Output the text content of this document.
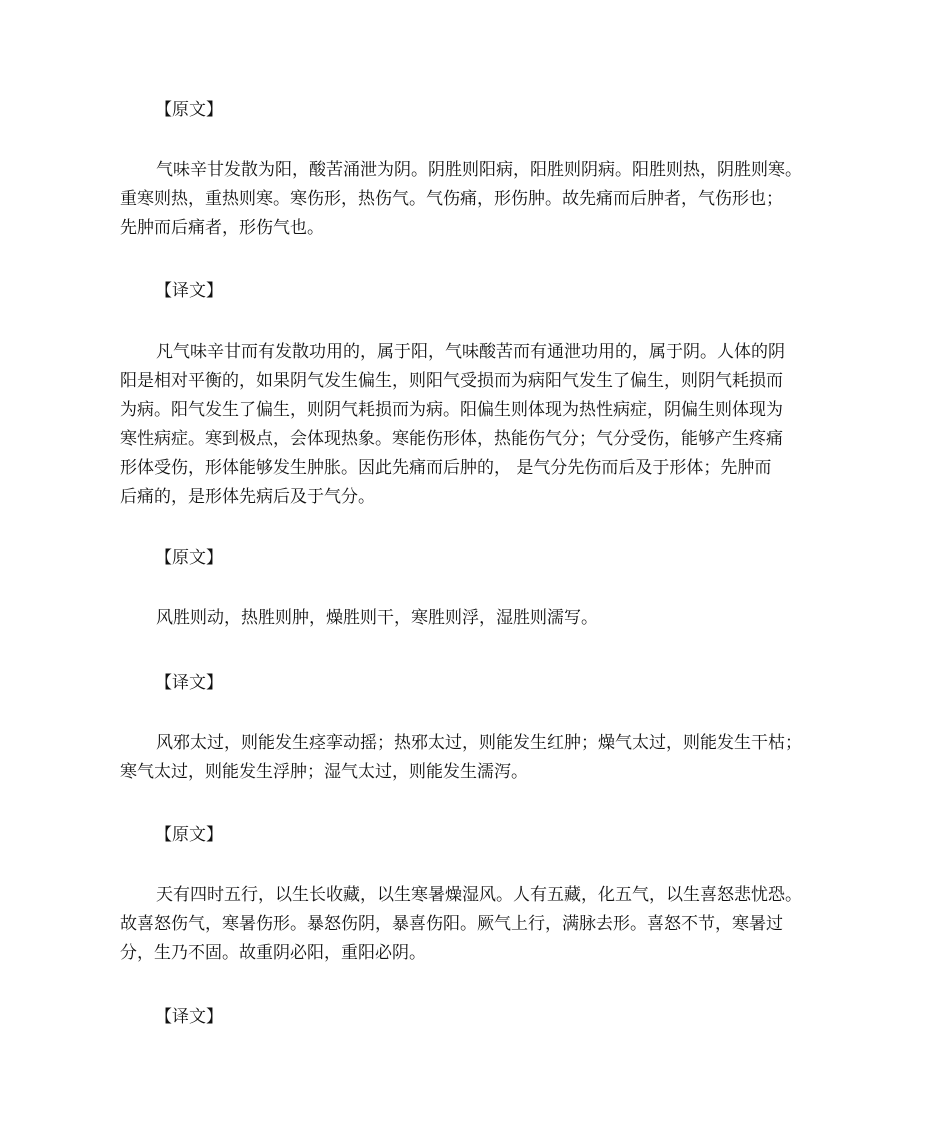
【原文】
气味辛甘发散为阳，酸苦涌泄为阴。阴胜则阳病，阳胜则阴病。阳胜则热，阴胜则寒。
重寒则热，重热则寒。寒伤形，热伤气。气伤痛，形伤肿。故先痛而后肿者，气伤形也；
先肿而后痛者，形伤气也。
【译文】
凡气味辛甘而有发散功用的，属于阳，气味酸苦而有通泄功用的，属于阴。人体的阴
阳是相对平衡的，如果阴气发生偏生，则阳气受损而为病阳气发生了偏生，则阴气耗损而
为病。阳气发生了偏生，则阴气耗损而为病。阳偏生则体现为热性病症，阴偏生则体现为
寒性病症。寒到极点，会体现热象。寒能伤形体，热能伤气分；气分受伤，能够产生疼痛
形体受伤，形体能够发生肿胀。因此先痛而后肿的， 是气分先伤而后及于形体；先肿而
后痛的，是形体先病后及于气分。
【原文】
风胜则动，热胜则肿，燥胜则干，寒胜则浮，湿胜则濡写。
【译文】
风邪太过，则能发生痉挛动摇；热邪太过，则能发生红肿；燥气太过，则能发生干枯；
寒气太过，则能发生浮肿；湿气太过，则能发生濡泻。
【原文】
天有四时五行，以生长收藏，以生寒暑燥湿风。人有五藏，化五气，以生喜怒悲忧恐。
故喜怒伤气，寒暑伤形。暴怒伤阴，暴喜伤阳。厥气上行，满脉去形。喜怒不节，寒暑过
分，生乃不固。故重阴必阳，重阳必阴。
【译文】
